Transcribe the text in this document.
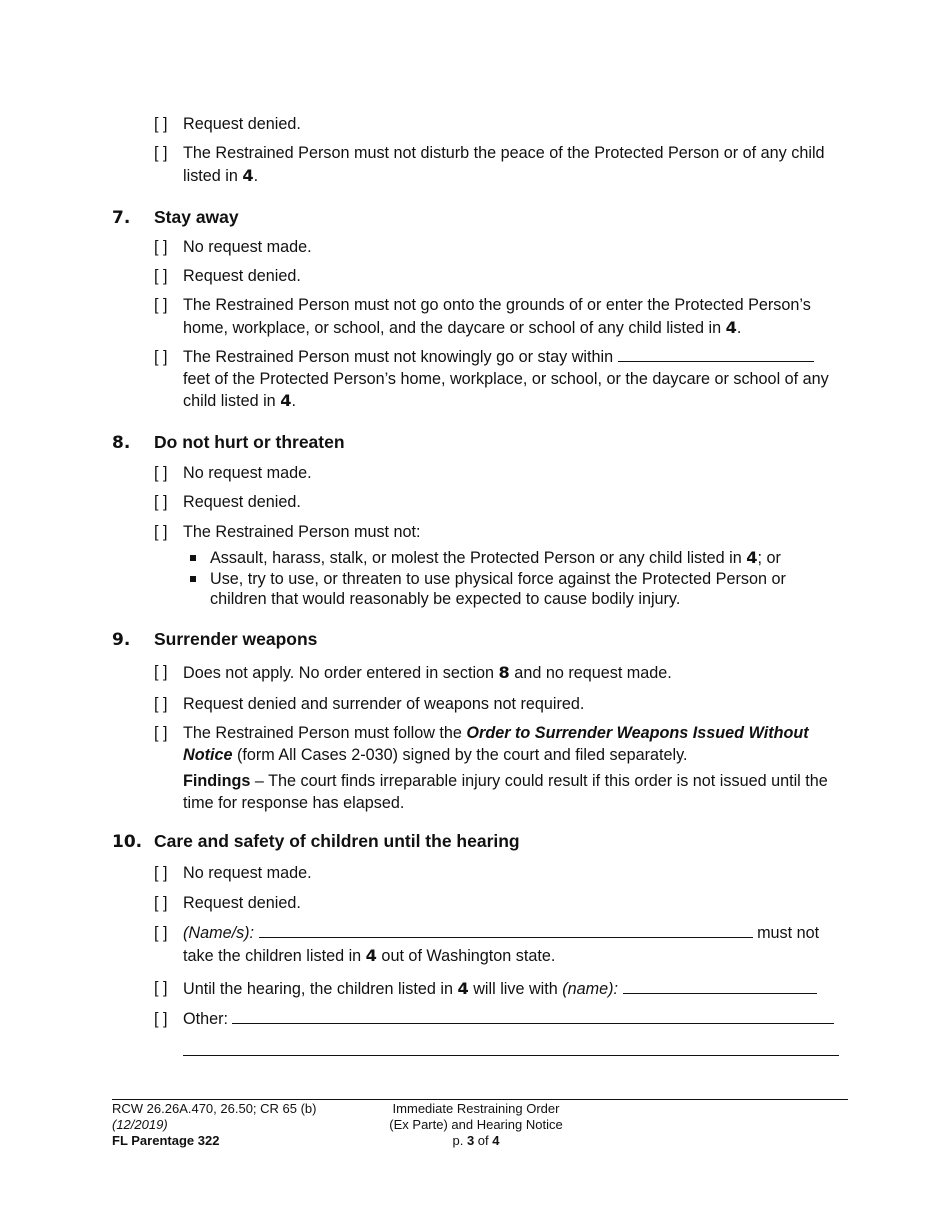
[ ] Request denied.
[ ] The Restrained Person must not disturb the peace of the Protected Person or of any child listed in 4.
7. Stay away
[ ] No request made.
[ ] Request denied.
[ ] The Restrained Person must not go onto the grounds of or enter the Protected Person’s home, workplace, or school, and the daycare or school of any child listed in 4.
[ ] The Restrained Person must not knowingly go or stay within
feet of the Protected Person’s home, workplace, or school, or the daycare or school of any child listed in 4.
8. Do not hurt or threaten
[ ] No request made.
[ ] Request denied.
[ ] The Restrained Person must not:
Assault, harass, stalk, or molest the Protected Person or any child listed in 4; or
Use, try to use, or threaten to use physical force against the Protected Person or children that would reasonably be expected to cause bodily injury.
9. Surrender weapons
[ ] Does not apply. No order entered in section 8 and no request made.
[ ] Request denied and surrender of weapons not required.
[ ] The Restrained Person must follow the Order to Surrender Weapons Issued Without Notice (form All Cases 2-030) signed by the court and filed separately.
Findings – The court finds irreparable injury could result if this order is not issued until the time for response has elapsed.
10. Care and safety of children until the hearing
[ ] No request made.
[ ] Request denied.
[ ] (Name/s):	must not
take the children listed in 4 out of Washington state.
[ ] Until the hearing, the children listed in 4 will live with (name):
[ ] Other:
RCW 26.26A.470, 26.50; CR 65 (b)
(12/2019)
FL Parentage 322
Immediate Restraining Order
(Ex Parte) and Hearing Notice
p. 3 of 4
